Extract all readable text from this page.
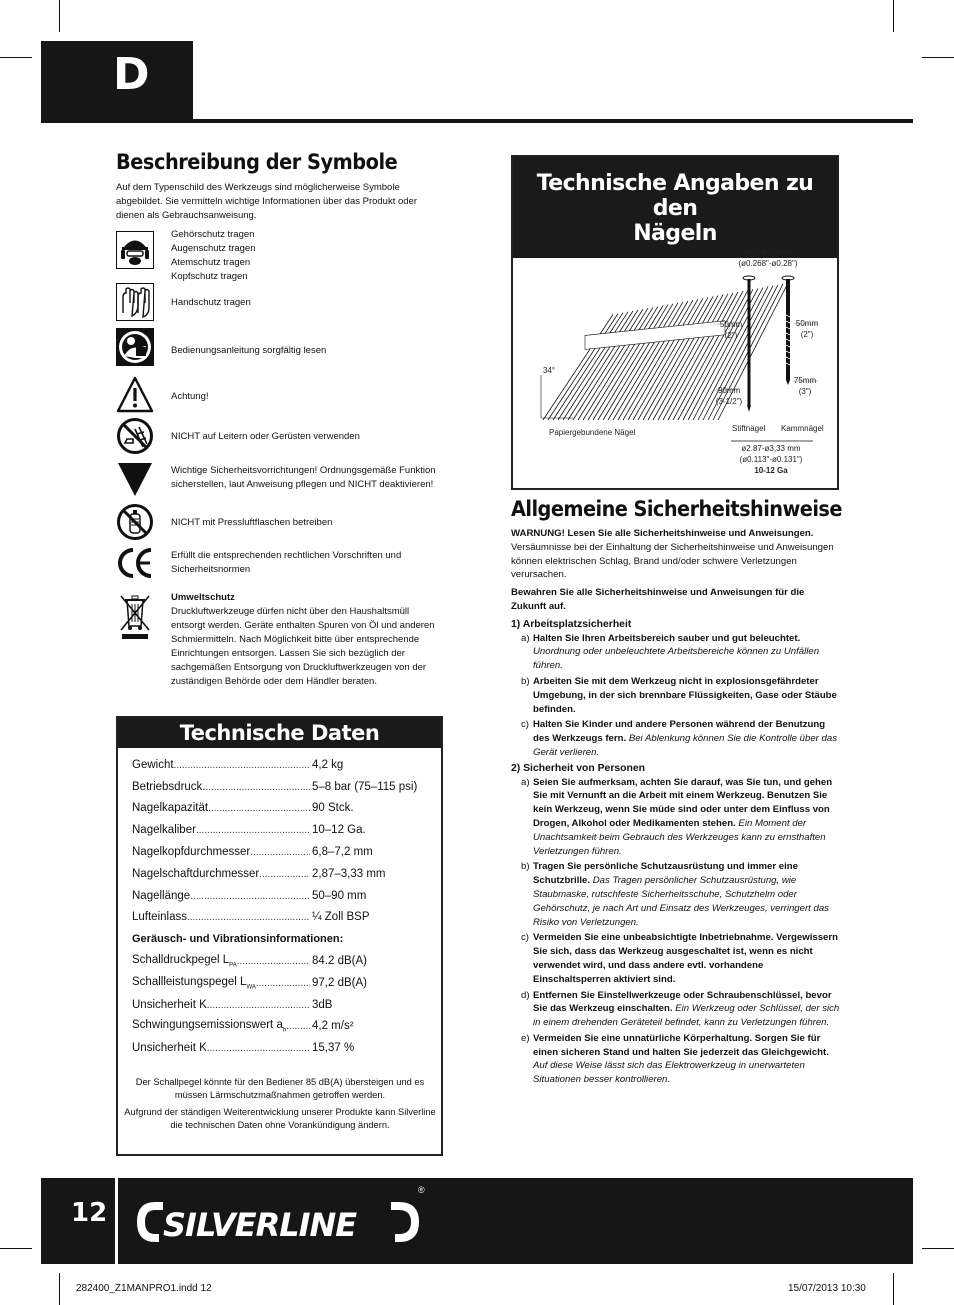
D
Beschreibung der Symbole
Auf dem Typenschild des Werkzeugs sind möglicherweise Symbole abgebildet. Sie vermitteln wichtige Informationen über das Produkt oder dienen als Gebrauchsanweisung.
Gehörschutz tragen
Augenschutz tragen
Atemschutz tragen
Kopfschutz tragen
Handschutz tragen
Bedienungsanleitung sorgfältig lesen
Achtung!
NICHT auf Leitern oder Gerüsten verwenden
Wichtige Sicherheitsvorrichtungen! Ordnungsgemäße Funktion sicherstellen, laut Anweisung pflegen und NICHT deaktivieren!
NICHT mit Pressluftflaschen betreiben
Erfüllt die entsprechenden rechtlichen Vorschriften und Sicherheitsnormen
Umweltschutz
Druckluftwerkzeuge dürfen nicht über den Haushaltsmüll entsorgt werden. Geräte enthalten Spuren von Öl und anderen Schmiermitteln. Nach Möglichkeit bitte über entsprechende Einrichtungen entsorgen. Lassen Sie sich bezüglich der sachgemäßen Entsorgung von Druckluftwerkzeugen von der zuständigen Behörde oder dem Händler beraten.
Technische Daten
Gewicht .....	4,2 kg
Betriebsdruck. .....	5–8 bar (75–115 psi)
Nagelkapazität .....	90 Stck.
Nagelkaliber .....	10–12 Ga.
Nagelkopfdurchmesser .....	6,8–7,2 mm
Nagelschaftdurchmesser .....	2,87–3,33 mm
Nagellänge .....	50–90 mm
Lufteinlass .....	¼ Zoll BSP
Geräusch- und Vibrationsinformationen:
Schalldruckpegel $L_{PA}$ .....	84.2 dB(A)
Schallleistungspegel $L_{WA}$ .....	97,2 dB(A)
Unsicherheit K .....	3dB
Schwingungsemissionswert $a_h$ ..... 4,2 m/s²
Unsicherheit K .....	15,37 %
Der Schallpegel könnte für den Bediener 85 dB(A) übersteigen und es müssen Lärmschutzmaßnahmen getroffen werden.
Aufgrund der ständigen Weiterentwicklung unserer Produkte kann Silverline die technischen Daten ohne Vorankündigung ändern.
Technische Angaben zu den
Nägeln
ø6.7-ø7.2mm
(ø0.268"-ø0.28")
50mm
(2")
90mm
(3-1/2")
50mm
(2")
75mm
(3")
34°
Papiergebundene Nägel	Stiftnägel Kammnägel
ø2.87-ø3,33 mm
(ø0.113"-ø0.131")
10-12 Ga
Allgemeine Sicherheitshinweise

WARNUNG! Lesen Sie alle Sicherheitshinweise und Anweisungen.

Versäumnisse bei der Einhaltung der Sicherheitshinweise und Anweisungen können elektrischen Schlag, Brand und/oder schwere Verletzungen verursachen.

Bewahren Sie alle Sicherheitshinweise und Anweisungen für die Zukunft auf.

1) Arbeitsplatzsicherheit

a) Halten Sie Ihren Arbeitsbereich sauber und gut beleuchtet.
Unordnung oder unbeleuchtete Arbeitsbereiche können zu Unfällen führen.
b) Arbeiten Sie mit dem Werkzeug nicht in explosionsgefährdeter Umgebung, in der sich brennbare Flüssigkeiten, Gase oder Stäube befinden.
c) Halten Sie Kinder und andere Personen während der Benutzung des Werkzeugs fern. Bei Ablenkung können Sie die Kontrolle über das Gerät verlieren.

2) Sicherheit von Personen

a) Seien Sie aufmerksam, achten Sie darauf, was Sie tun, und gehen Sie mit Vernunft an die Arbeit mit einem Werkzeug. Benutzen Sie kein Werkzeug, wenn Sie müde sind oder unter dem Einfluss von Drogen, Alkohol oder Medikamenten stehen. Ein Moment der Unachtsamkeit beim Gebrauch des Werkzeuges kann zu ernsthaften Verletzungen führen.
b) Tragen Sie persönliche Schutzausrüstung und immer eine Schutzbrille. Das Tragen persönlicher Schutzausrüstung, wie Staubmaske, rutschfeste Sicherheitsschuhe, Schutzhelm oder Gehörschutz, je nach Art und Einsatz des Werkzeuges, verringert das Risiko von Verletzungen.
c) Vermeiden Sie eine unbeabsichtigte Inbetriebnahme. Vergewissern Sie sich, dass das Werkzeug ausgeschaltet ist, wenn es nicht verwendet wird, und dass andere evtl. vorhandene Einschaltsperren aktiviert sind.
d) Entfernen Sie Einstellwerkzeuge oder Schraubenschlüssel, bevor Sie das Werkzeug einschalten. Ein Werkzeug oder Schlüssel, der sich in einem drehenden Geräteteil befindet, kann zu Verletzungen führen.
e) Vermeiden Sie eine unnatürliche Körperhaltung. Sorgen Sie für einen sicheren Stand und halten Sie jederzeit das Gleichgewicht. Auf diese Weise lässt sich das Elektrowerkzeug in unerwarteten Situationen besser kontrollieren.
12 SILVERLINE
®
282400_Z1MANPRO1.indd 12	15/07/2013 10:30
